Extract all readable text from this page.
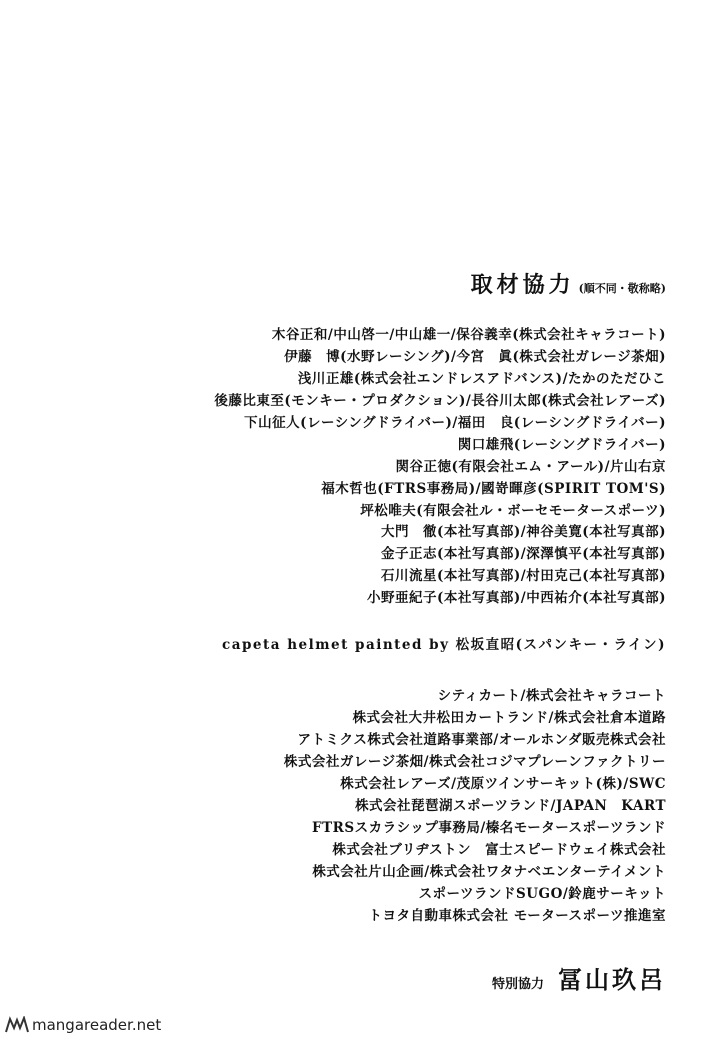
取材協力 (順不同・敬称略)
木谷正和/中山啓一/中山雄一/保谷義幸(株式会社キャラコート)
伊藤　博(水野レーシング)/今宮　眞(株式会社ガレージ茶畑)
浅川正雄(株式会社エンドレスアドバンス)/たかのただひこ
後藤比東至(モンキー・プロダクション)/長谷川太郎(株式会社レアーズ)
下山征人(レーシングドライバー)/福田　良(レーシングドライバー)
関口雄飛(レーシングドライバー)
関谷正徳(有限会社エム・アール)/片山右京
福木哲也(FTRS事務局)/國嵜暉彦(SPIRIT TOM'S)
坪松唯夫(有限会社ル・ボーセモータースポーツ)
大門　徹(本社写真部)/神谷美寛(本社写真部)
金子正志(本社写真部)/深澤慎平(本社写真部)
石川流星(本社写真部)/村田克己(本社写真部)
小野亜紀子(本社写真部)/中西祐介(本社写真部)
capeta helmet painted by 松坂直昭(スパンキー・ライン)
シティカート/株式会社キャラコート
株式会社大井松田カートランド/株式会社倉本道路
アトミクス株式会社道路事業部/オールホンダ販売株式会社
株式会社ガレージ茶畑/株式会社コジマプレーンファクトリー
株式会社レアーズ/茂原ツインサーキット(株)/SWC
株式会社琵琶湖スポーツランド/JAPAN　KART
FTRSスカラシップ事務局/榛名モータースポーツランド
株式会社ブリヂストン　富士スピードウェイ株式会社
株式会社片山企画/株式会社ワタナベエンターテイメント
スポーツランドSUGO/鈴鹿サーキット
トヨタ自動車株式会社 モータースポーツ推進室
特別協力 冨山玖呂
mangareader.net
